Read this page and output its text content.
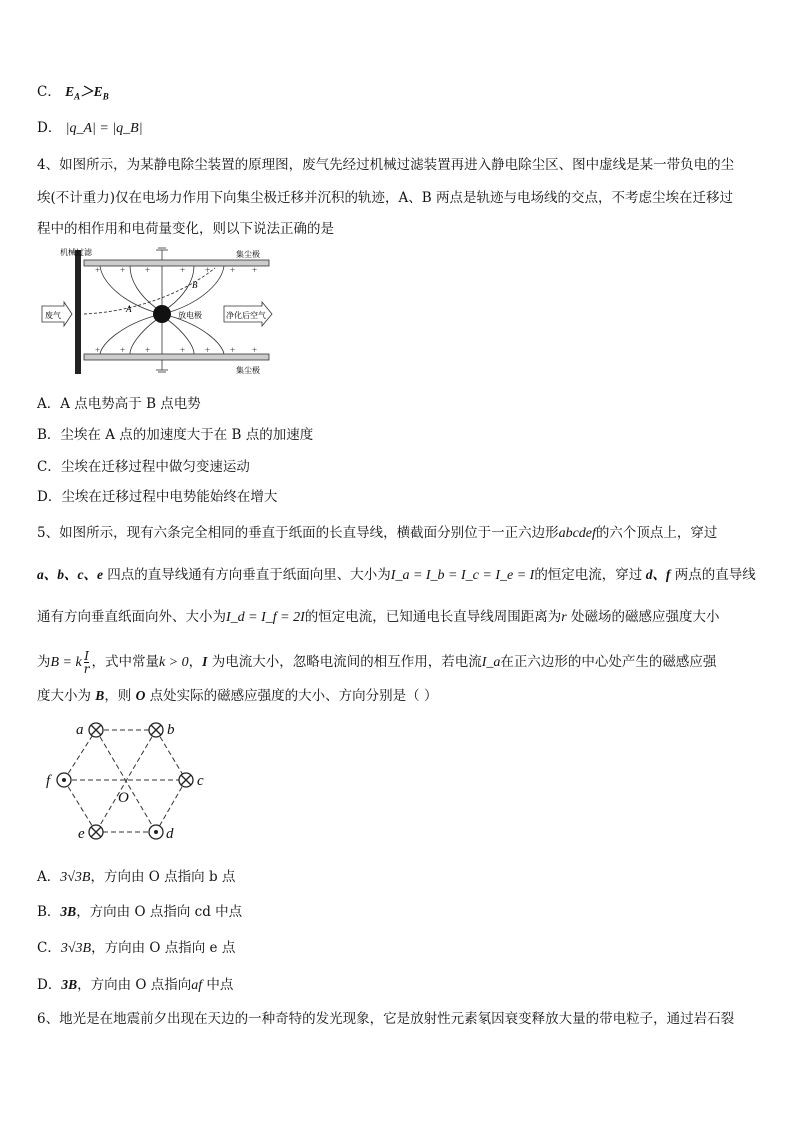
C． $E_A>E_B$
D． |q_A| = |q_B|
4、如图所示，为某静电除尘装置的原理图，废气先经过机械过滤装置再进入静电除尘区、图中虚线是某一带负电的尘
埃(不计重力)仅在电场力作用下向集尘极迁移并沉积的轨迹，A、B 两点是轨迹与电场线的交点，不考虑尘埃在迁移过
程中的相作用和电荷量变化，则以下说法正确的是
机械过滤	集尘极
集尘极
+ + +	+ + + +
+ + +	+ + + +
放电极
A
B
废气	净化后空气
A．A 点电势高于 B 点电势
B．尘埃在 A 点的加速度大于在 B 点的加速度
C．尘埃在迁移过程中做匀变速运动
D．尘埃在迁移过程中电势能始终在增大
5、如图所示，现有六条完全相同的垂直于纸面的长直导线，横截面分别位于一正六边形abcdef的六个顶点上，穿过
a、b、c、e 四点的直导线通有方向垂直于纸面向里、大小为I_a = I_b = I_c = I_e = I的恒定电流，穿过 d、f 两点的直导线
通有方向垂直纸面向外、大小为I_d = I_f = 2I的恒定电流，已知通电长直导线周围距离为r 处磁场的磁感应强度大小
为B = k $\frac{I}{r}$ ，式中常量k > 0，I 为电流大小，忽略电流间的相互作用，若电流I_a在正六边形的中心处产生的磁感应强
度大小为 B，则 O 点处实际的磁感应强度的大小、方向分别是（ ）
a	b
c
d
e
f
O
A．3√3B，方向由 O 点指向 b 点
B．3B，方向由 O 点指向 cd 中点
C．3√3B，方向由 O 点指向 e 点
D．3B，方向由 O 点指向af 中点
6、地光是在地震前夕出现在天边的一种奇特的发光现象，它是放射性元素氡因衰变释放大量的带电粒子，通过岩石裂
